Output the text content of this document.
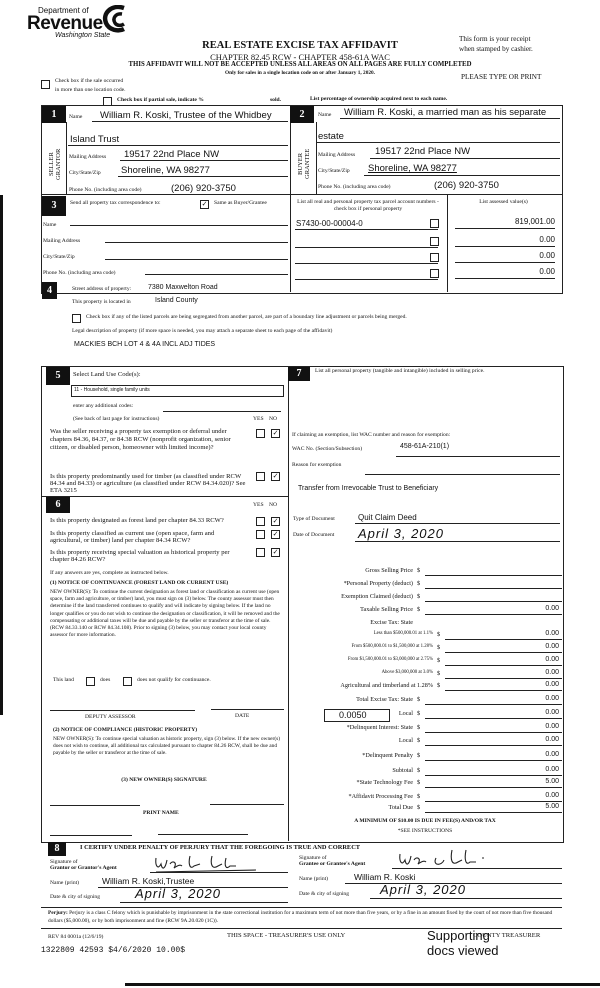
Department of
Revenue
Washington State
REAL ESTATE EXCISE TAX AFFIDAVIT
CHAPTER 82.45 RCW - CHAPTER 458-61A WAC
THIS AFFIDAVIT WILL NOT BE ACCEPTED UNLESS ALL AREAS ON ALL PAGES ARE FULLY COMPLETED
Only for sales in a single location code on or after January 1, 2020.
This form is your receipt
when stamped by cashier.
PLEASE TYPE OR PRINT
Check box if the sale occurred
in more than one location code.
Check box if partial sale, indicate %	sold.	List percentage of ownership acquired next to each name.
1
SELLER GRANTOR
Name William R. Koski, Trustee of the Whidbey
Island Trust
Mailing Address 19517 22nd Place NW
City/State/Zip Shoreline, WA 98277
Phone No. (including area code)	(206) 920-3750
2
BUYER GRANTEE
Name William R. Koski, a married man as his separate
estate
Mailing Address 19517 22nd Place NW
City/State/Zip Shoreline, WA 98277
Phone No. (including area code)	(206) 920-3750
3	Send all property tax correspondence to:	✓ Same as Buyer/Grantee
Name
Mailing Address
City/State/Zip
Phone No. (including area code)
List all real and personal property tax parcel account numbers - check box if personal property
List assessed value(s)
S7430-00-00004-0	819,001.00
0.00
0.00
0.00
4	Street address of property: 7380 Maxwelton Road
This property is located in	Island County
Check box if any of the listed parcels are being segregated from another parcel, are part of a boundary line adjustment or parcels being merged.
Legal description of property (if more space is needed, you may attach a separate sheet to each page of the affidavit)
MACKIES BCH LOT 4 & 4A INCL ADJ TIDES
5	Select Land Use Code(s):
11 - Household, single family units
enter any additional codes:
(See back of last page for instructions)	YES NO
Was the seller receiving a property tax exemption or deferral under chapters 84.36, 84.37, or 84.38 RCW (nonprofit organization, senior citizen, or disabled person, homeowner with limited income)?
✓
Is this property predominantly used for timber (as classified under RCW 84.34 and 84.33) or agriculture (as classified under RCW 84.34.020)? See ETA 3215
✓
6	YES NO
Is this property designated as forest land per chapter 84.33 RCW?	✓
Is this property classified as current use (open space, farm and agricultural, or timber) land per chapter 84.34 RCW?
✓
Is this property receiving special valuation as historical property per chapter 84.26 RCW?
✓
If any answers are yes, complete as instructed below.
(1) NOTICE OF CONTINUANCE (FOREST LAND OR CURRENT USE)
NEW OWNER(S): To continue the current designation as forest land or classification as current use (open space, farm and agriculture, or timber) land, you must sign on (3) below. The county assessor must then determine if the land transferred continues to qualify and will indicate by signing below. If the land no longer qualifies or you do not wish to continue the designation or classification, it will be removed and the compensating or additional taxes will be due and payable by the seller or transferor at the time of sale. (RCW 84.33.140 or RCW 84.34.108). Prior to signing (3) below, you may contact your local county assessor for more information.
This land	does	does not qualify for continuance.
DEPUTY ASSESSOR	DATE
(2) NOTICE OF COMPLIANCE (HISTORIC PROPERTY)
NEW OWNER(S): To continue special valuation as historic property, sign (3) below. If the new owner(s) does not wish to continue, all additional tax calculated pursuant to chapter 84.26 RCW, shall be due and payable by the seller or transferor at the time of sale.
(3) NEW OWNER(S) SIGNATURE
PRINT NAME
7	List all personal property (tangible and intangible) included in selling price.
If claiming an exemption, list WAC number and reason for exemption:
WAC No. (Section/Subsection)	458-61A-210(1)
Reason for exemption
Transfer from Irrevocable Trust to Beneficiary
Type of Document	Quit Claim Deed
Date of Document April 3, 2020
Gross Selling Price $
*Personal Property (deduct) $
Exemption Claimed (deduct) $
Taxable Selling Price $	0.00
Excise Tax: State
Less than $500,000.01 at 1.1% $	0.00
From $500,000.01 to $1,500,000 at 1.28% $	0.00
From $1,500,000.01 to $3,000,000 at 2.75% $	0.00
Above $3,000,000 at 3.0% $	0.00
Agricultural and timberland at 1.28% $	0.00
Total Excise Tax: State $	0.00
Local $	0.00
*Delinquent Interest: State $	0.00
Local $	0.00
*Delinquent Penalty $	0.00
Subtotal $	0.00
*State Technology Fee $	5.00
*Affidavit Processing Fee $	0.00
Total Due $	5.00
0.0050
A MINIMUM OF $10.00 IS DUE IN FEE(S) AND/OR TAX
*SEE INSTRUCTIONS
8	I CERTIFY UNDER PENALTY OF PERJURY THAT THE FOREGOING IS TRUE AND CORRECT
Signature of
Grantor or Grantor's Agent
Signature of
Grantee or Grantee's Agent
Name (print)	William R. Koski,Trustee	Name (print)	William R. Koski
Date & city of signing	April 3, 2020	Date & city of signing April 3, 2020
Perjury: Perjury is a class C felony which is punishable by imprisonment in the state correctional institution for a maximum term of not more than five years, or by a fine in an amount fixed by the court of not more than five thousand dollars ($5,000.00), or by both imprisonment and fine (RCW 9A.20.020 (1C)).
REV 84 0001a (12/6/19)	THIS SPACE - TREASURER'S USE ONLY	COUNTY TREASURER
Supporting
docs viewed
1322809 42593 $4/6/2020 10.00$
